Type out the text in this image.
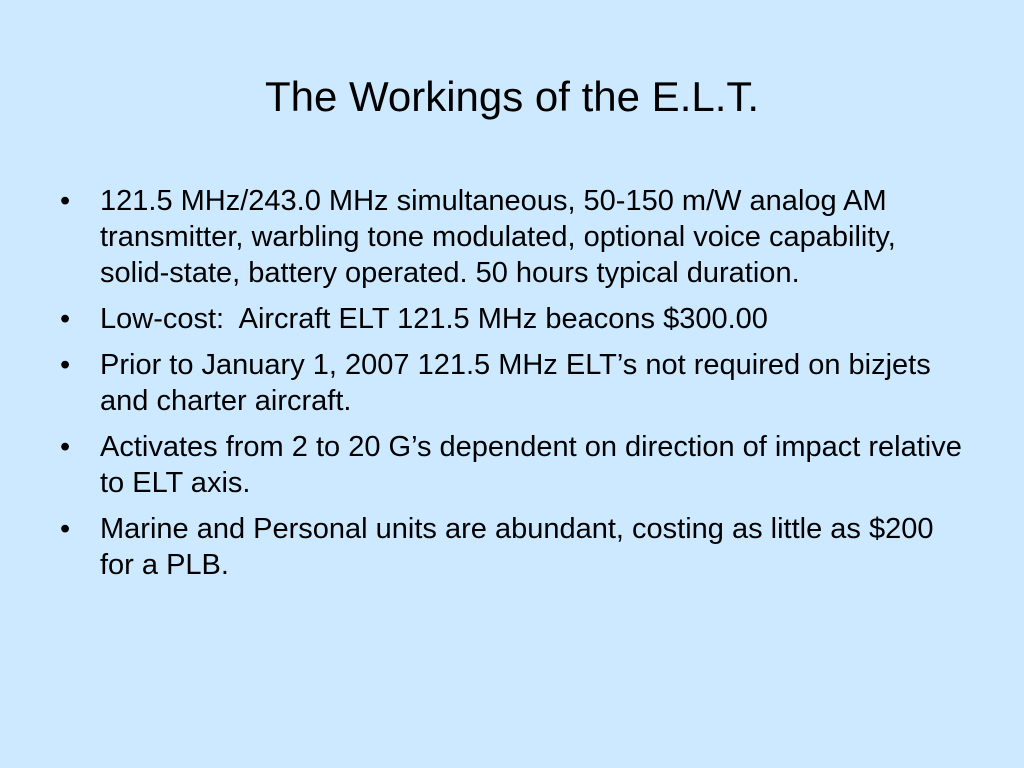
The Workings of the E.L.T.
•	121.5 MHz/243.0 MHz simultaneous, 50-150 m/W analog AM transmitter, warbling tone modulated, optional voice capability, solid-state, battery operated. 50 hours typical duration.
•	Low-cost:  Aircraft ELT 121.5 MHz beacons $300.00
•	Prior to January 1, 2007 121.5 MHz ELT’s not required on bizjets and charter aircraft.
•	Activates from 2 to 20 G’s dependent on direction of impact relative to ELT axis.
•	Marine and Personal units are abundant, costing as little as $200 for a PLB.
